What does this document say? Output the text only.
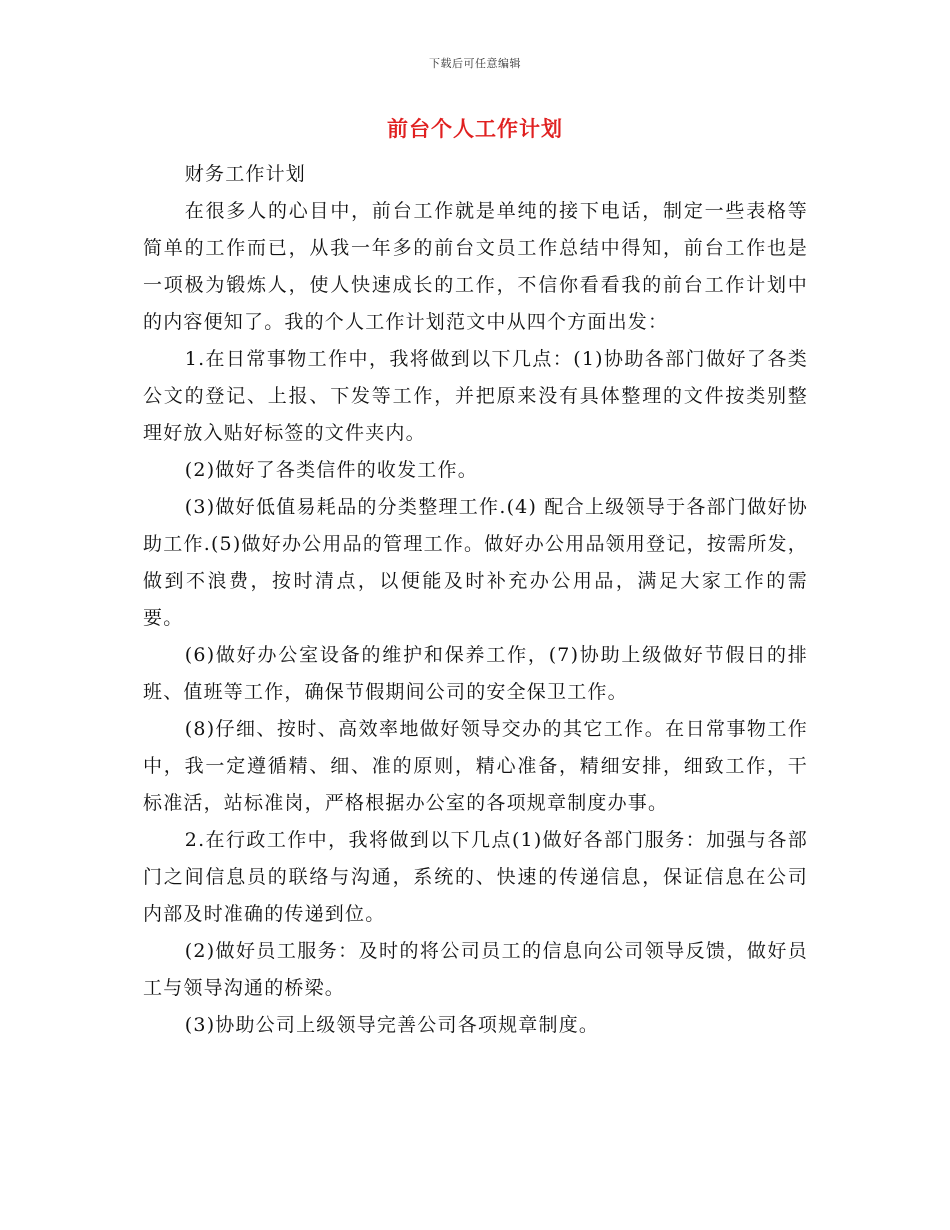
下载后可任意编辑
前台个人工作计划

财务工作计划

在很多人的心目中，前台工作就是单纯的接下电话，制定一些表格等简单的工作而已，从我一年多的前台文员工作总结中得知，前台工作也是一项极为锻炼人，使人快速成长的工作，不信你看看我的前台工作计划中的内容便知了。我的个人工作计划范文中从四个方面出发：

1.在日常事物工作中，我将做到以下几点：(1)协助各部门做好了各类公文的登记、上报、下发等工作，并把原来没有具体整理的文件按类别整理好放入贴好标签的文件夹内。

(2)做好了各类信件的收发工作。

(3)做好低值易耗品的分类整理工作.(4) 配合上级领导于各部门做好协助工作.(5)做好办公用品的管理工作。做好办公用品领用登记，按需所发，做到不浪费，按时清点，以便能及时补充办公用品，满足大家工作的需要。

(6)做好办公室设备的维护和保养工作，(7)协助上级做好节假日的排班、值班等工作，确保节假期间公司的安全保卫工作。

(8)仔细、按时、高效率地做好领导交办的其它工作。在日常事物工作中，我一定遵循精、细、准的原则，精心准备，精细安排，细致工作，干标准活，站标准岗，严格根据办公室的各项规章制度办事。

2.在行政工作中，我将做到以下几点(1)做好各部门服务：加强与各部门之间信息员的联络与沟通，系统的、快速的传递信息，保证信息在公司内部及时准确的传递到位。

(2)做好员工服务：及时的将公司员工的信息向公司领导反馈，做好员工与领导沟通的桥梁。

(3)协助公司上级领导完善公司各项规章制度。
